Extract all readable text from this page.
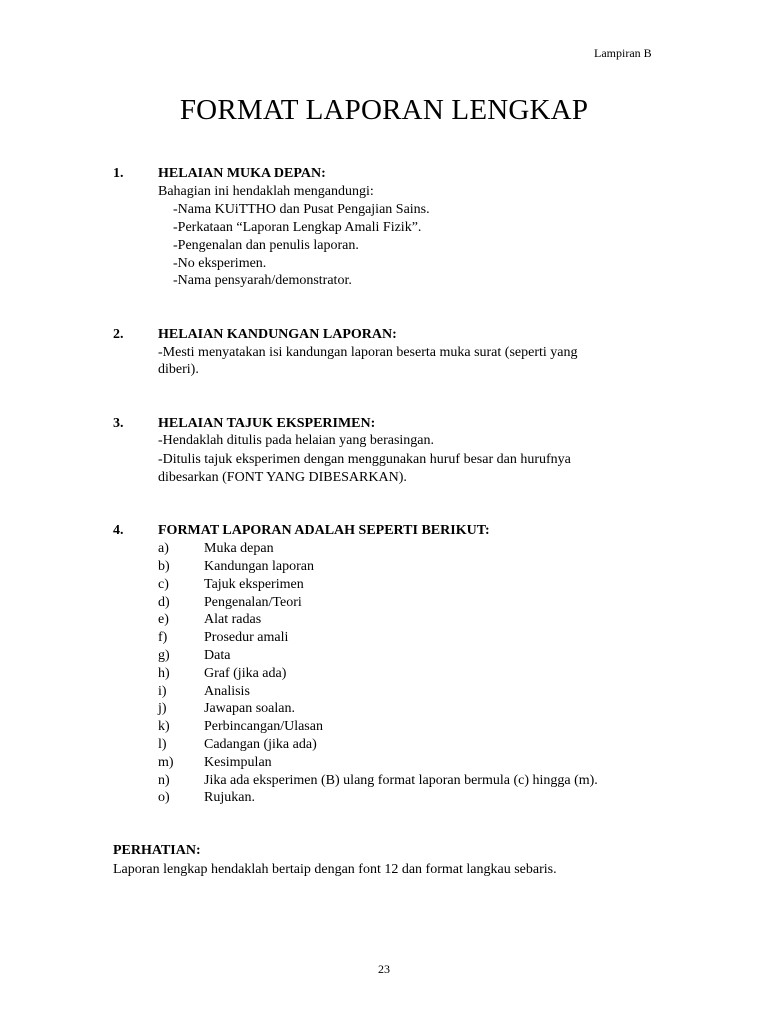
Lampiran B
FORMAT LAPORAN LENGKAP
1. HELAIAN MUKA DEPAN:
Bahagian ini hendaklah mengandungi:
-Nama KUiTTHO dan Pusat Pengajian Sains.
-Perkataan “Laporan Lengkap Amali Fizik”.
-Pengenalan dan penulis laporan.
-No eksperimen.
-Nama pensyarah/demonstrator.
2. HELAIAN KANDUNGAN LAPORAN:
-Mesti menyatakan isi kandungan laporan beserta muka surat (seperti yang
diberi).
3. HELAIAN TAJUK EKSPERIMEN:
-Hendaklah ditulis pada helaian yang berasingan.
-Ditulis tajuk eksperimen dengan menggunakan huruf besar dan hurufnya
dibesarkan (FONT YANG DIBESARKAN).
4. FORMAT LAPORAN ADALAH SEPERTI BERIKUT:
a)	Muka depan
b) Kandungan laporan
c)	Tajuk eksperimen
d) Pengenalan/Teori
e)	Alat radas
f)	Prosedur amali
g) Data
h) Graf (jika ada)
i)	Analisis
j)	Jawapan soalan.
k) Perbincangan/Ulasan
l)	Cadangan (jika ada)
m) Kesimpulan
n) Jika ada eksperimen (B) ulang format laporan bermula (c) hingga (m).
o) Rujukan.
PERHATIAN:
Laporan lengkap hendaklah bertaip dengan font 12 dan format langkau sebaris.
23
